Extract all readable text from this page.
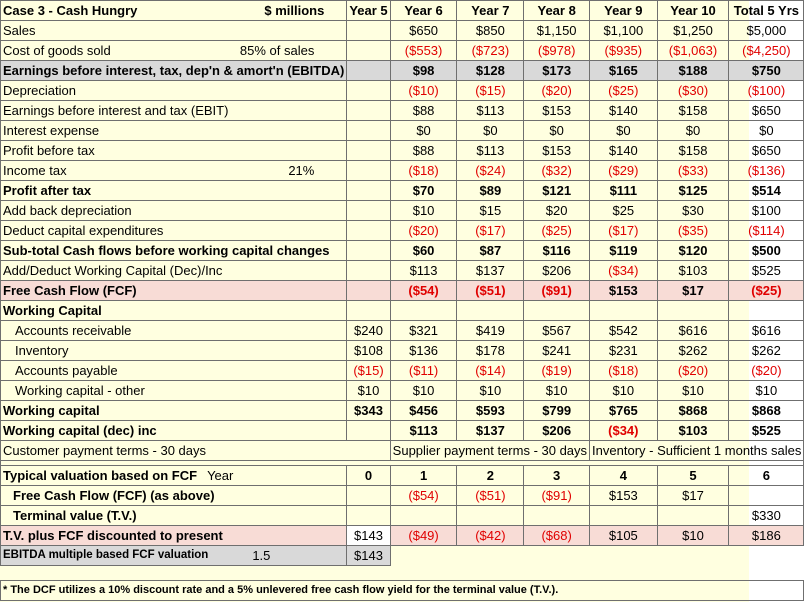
Case 3 - Cash Hungry $ millions	Year 5	Year 6	Year 7	Year 8	Year 9	Year 10	Total 5 Yrs
Sales		$650	$850	$1,150	$1,100	$1,250	$5,000

Cost of goods sold 85% of sales		($553)	($723)	($978)	($935)	($1,063)	($4,250)
Earnings before interest, tax, dep'n & amort'n (EBITDA)		$98	$128	$173	$165	$188	$750
Depreciation		($10)	($15)	($20)	($25)	($30)	($100)
Earnings before interest and tax (EBIT)		$88	$113	$153	$140	$158	$650
Interest expense		$0	$0	$0	$0	$0	$0
Profit before tax		$88	$113	$153	$140	$158	$650

Income tax 21%		($18)	($24)	($32)	($29)	($33)	($136)
Profit after tax		$70	$89	$121	$111	$125	$514
Add back depreciation		$10	$15	$20	$25	$30	$100
Deduct capital expenditures		($20)	($17)	($25)	($17)	($35)	($114)
Sub-total Cash flows before working capital changes		$60	$87	$116	$119	$120	$500
Add/Deduct Working Capital (Dec)/Inc		$113	$137	$206	($34)	$103	$525
Free Cash Flow (FCF)		($54)	($51)	($91)	$153	$17	($25)
Working Capital							
Accounts receivable	$240	$321	$419	$567	$542	$616	$616
Inventory	$108	$136	$178	$241	$231	$262	$262
Accounts payable	($15)	($11)	($14)	($19)	($18)	($20)	($20)
Working capital - other	$10	$10	$10	$10	$10	$10	$10
Working capital	$343	$456	$593	$799	$765	$868	$868
Working capital (dec) inc		$113	$137	$206	($34)	$103	$525
Customer payment terms - 30 days		Supplier payment terms - 30 days			Inventory - Sufficient 1 months sales		

Typical valuation based on FCF Year	0	1	2	3	4	5	6
Free Cash Flow (FCF) (as above)		($54)	($51)	($91)	$153	$17	
Terminal value (T.V.)							$330
T.V. plus FCF discounted to present	$143	($49)	($42)	($68)	$105	$10	$186

EBITDA multiple based FCF valuation 1.5	$143						

* The DCF utilizes a 10% discount rate and a 5% unlevered free cash flow yield for the terminal value (T.V.).							
